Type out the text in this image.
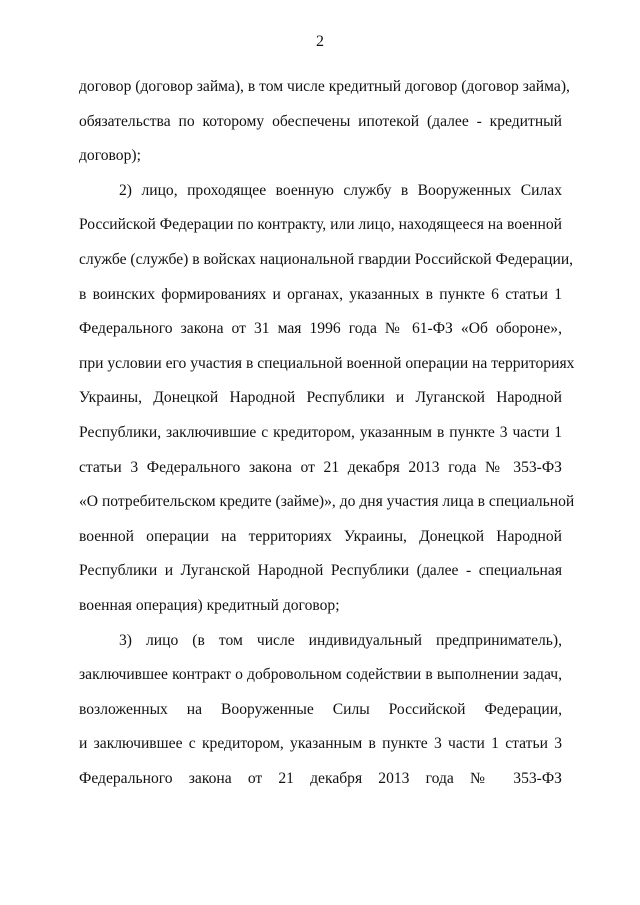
2
договор (договор займа), в том числе кредитный договор (договор займа),
обязательства по которому обеспечены ипотекой (далее - кредитный
договор);
2) лицо, проходящее военную службу в Вооруженных Силах
Российской Федерации по контракту, или лицо, находящееся на военной
службе (службе) в войсках национальной гвардии Российской Федерации,
в воинских формированиях и органах, указанных в пункте 6 статьи 1
Федерального закона от 31 мая 1996 года № 61-ФЗ «Об обороне»,
при условии его участия в специальной военной операции на территориях
Украины, Донецкой Народной Республики и Луганской Народной
Республики, заключившие с кредитором, указанным в пункте 3 части 1
статьи 3 Федерального закона от 21 декабря 2013 года № 353-ФЗ
«О потребительском кредите (займе)», до дня участия лица в специальной
военной операции на территориях Украины, Донецкой Народной
Республики и Луганской Народной Республики (далее - специальная
военная операция) кредитный договор;
3) лицо (в том числе индивидуальный предприниматель),
заключившее контракт о добровольном содействии в выполнении задач,
возложенных на Вооруженные Силы Российской Федерации,
и заключившее с кредитором, указанным в пункте 3 части 1 статьи 3
Федерального закона от 21 декабря 2013 года № 353-ФЗ
